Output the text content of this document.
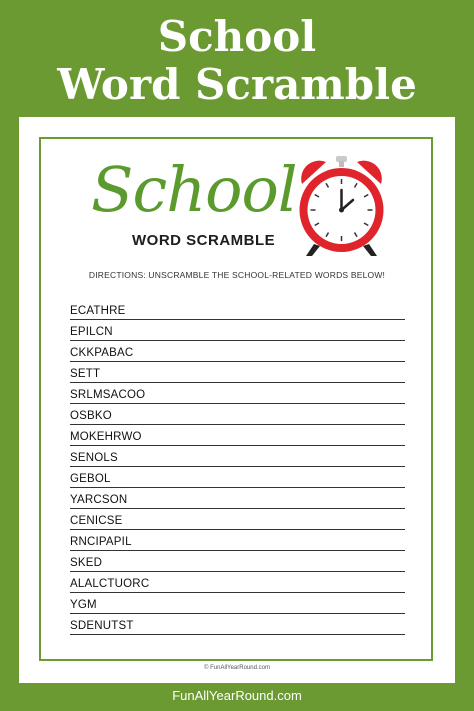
School
Word Scramble
School
WORD SCRAMBLE
DIRECTIONS: UNSCRAMBLE THE SCHOOL-RELATED WORDS BELOW!
ECATHRE
EPILCN
CKKPABAC
SETT
SRLMSACOO
OSBKO
MOKEHRWO
SENOLS
GEBOL
YARCSON
CENICSE
RNCIPAPIL
SKED
ALALCTUORC
YGM
SDENUTST
© FunAllYearRound.com
FunAllYearRound.com
